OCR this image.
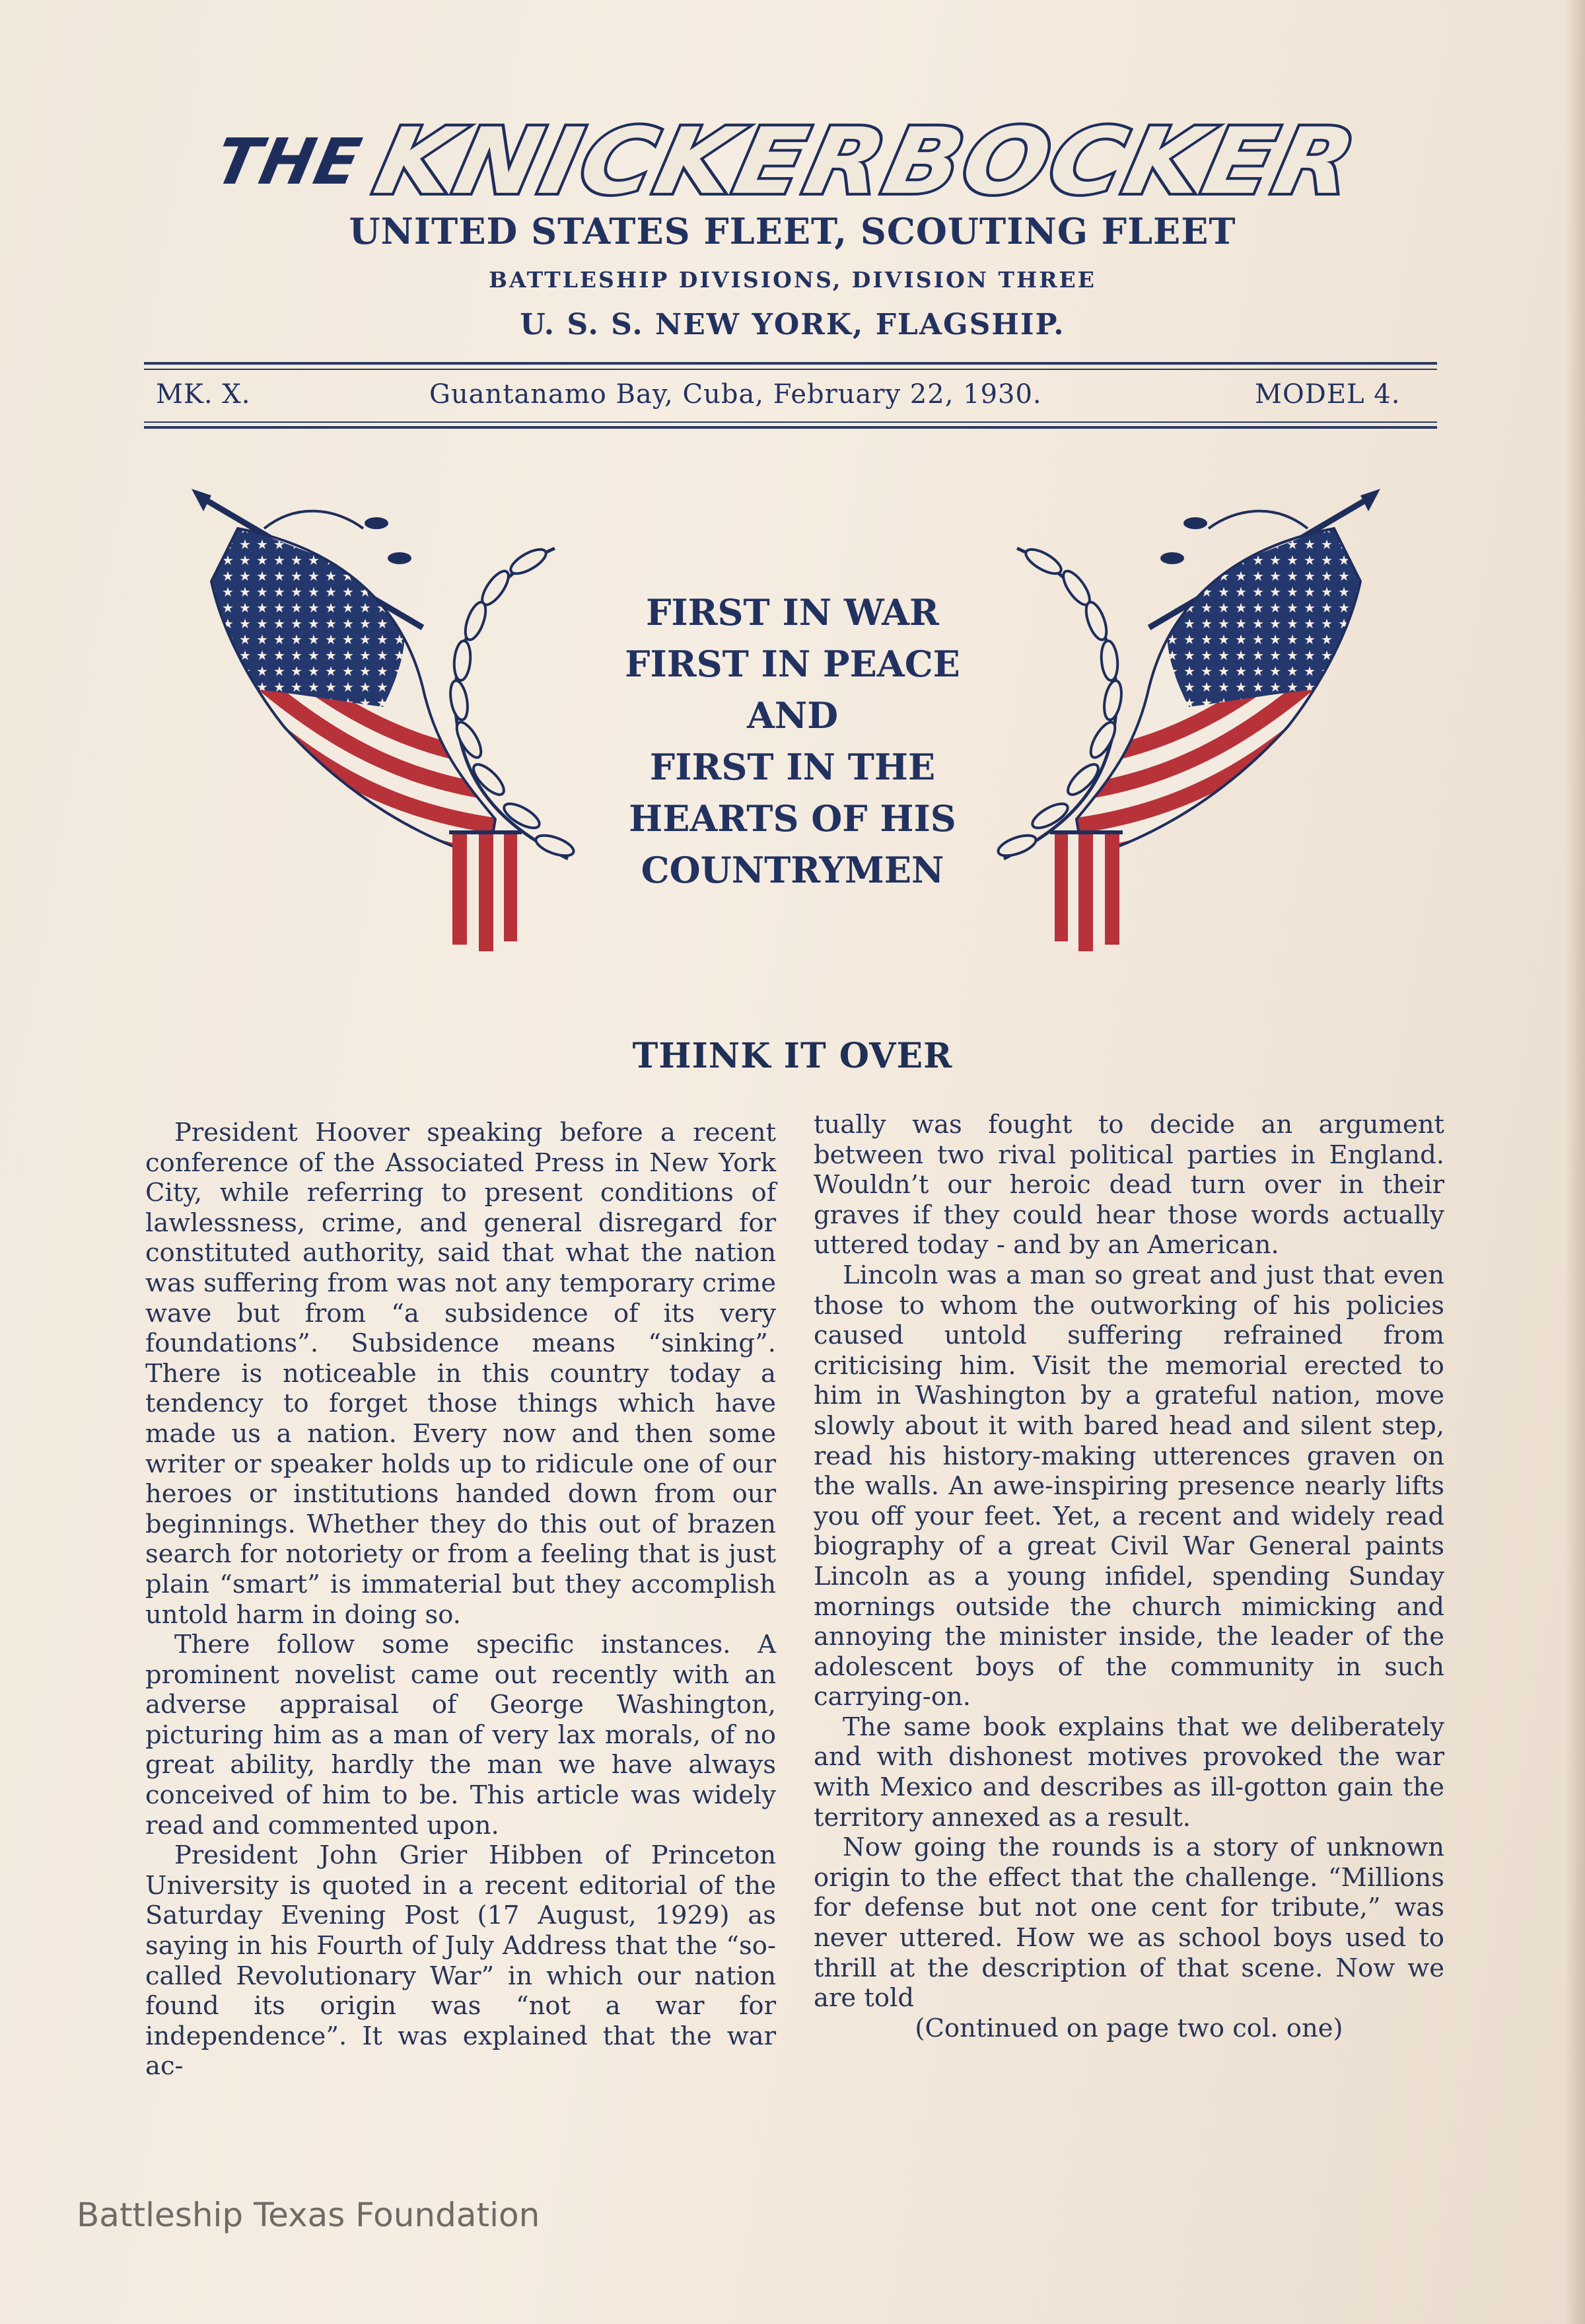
THE
KNICKERBOCKER
UNITED STATES FLEET, SCOUTING FLEET
BATTLESHIP DIVISIONS, DIVISION THREE
U. S. S. NEW YORK, FLAGSHIP.
MK. X.	Guantanamo Bay, Cuba, February 22, 1930.	MODEL 4.
FIRST IN WAR
FIRST IN PEACE
AND
FIRST IN THE
HEARTS OF HIS
COUNTRYMEN
THINK IT OVER

President Hoover speaking before a recent conference of the Associated Press in New York City, while referring to present conditions of lawlessness, crime, and general disregard for constituted authority, said that what the nation was suffering from was not any temporary crime wave but from “a subsidence of its very foundations”. Subsidence means “sinking”. There is noticeable in this country today a tendency to forget those things which have made us a nation. Every now and then some writer or speaker holds up to ridicule one of our heroes or institutions handed down from our beginnings. Whether they do this out of brazen search for notoriety or from a feeling that is just plain “smart” is immaterial but they accomplish untold harm in doing so.

There follow some specific instances. A prominent novelist came out recently with an adverse appraisal of George Washington, picturing him as a man of very lax morals, of no great ability, hardly the man we have always conceived of him to be. This article was widely read and commented upon.

President John Grier Hibben of Princeton University is quoted in a recent editorial of the Saturday Evening Post (17 August, 1929) as saying in his Fourth of July Address that the “so-called Revolutionary War” in which our nation found its origin was “not a war for independence”. It was explained that the war ac-

tually was fought to decide an argument between two rival political parties in England. Wouldn’t our heroic dead turn over in their graves if they could hear those words actually uttered today - and by an American.

Lincoln was a man so great and just that even those to whom the outworking of his policies caused untold suffering refrained from criticising him. Visit the memorial erected to him in Washington by a grateful nation, move slowly about it with bared head and silent step, read his history-making utterences graven on the walls. An awe-inspiring presence nearly lifts you off your feet. Yet, a recent and widely read biography of a great Civil War General paints Lincoln as a young infidel, spending Sunday mornings outside the church mimicking and annoying the minister inside, the leader of the adolescent boys of the community in such carrying-on.

The same book explains that we deliberately and with dishonest motives provoked the war with Mexico and describes as ill-gotton gain the territory annexed as a result.

Now going the rounds is a story of unknown origin to the effect that the challenge. “Millions for defense but not one cent for tribute,” was never uttered. How we as school boys used to thrill at the description of that scene. Now we are told

(Continued on page two col. one)

Battleship Texas Foundation
